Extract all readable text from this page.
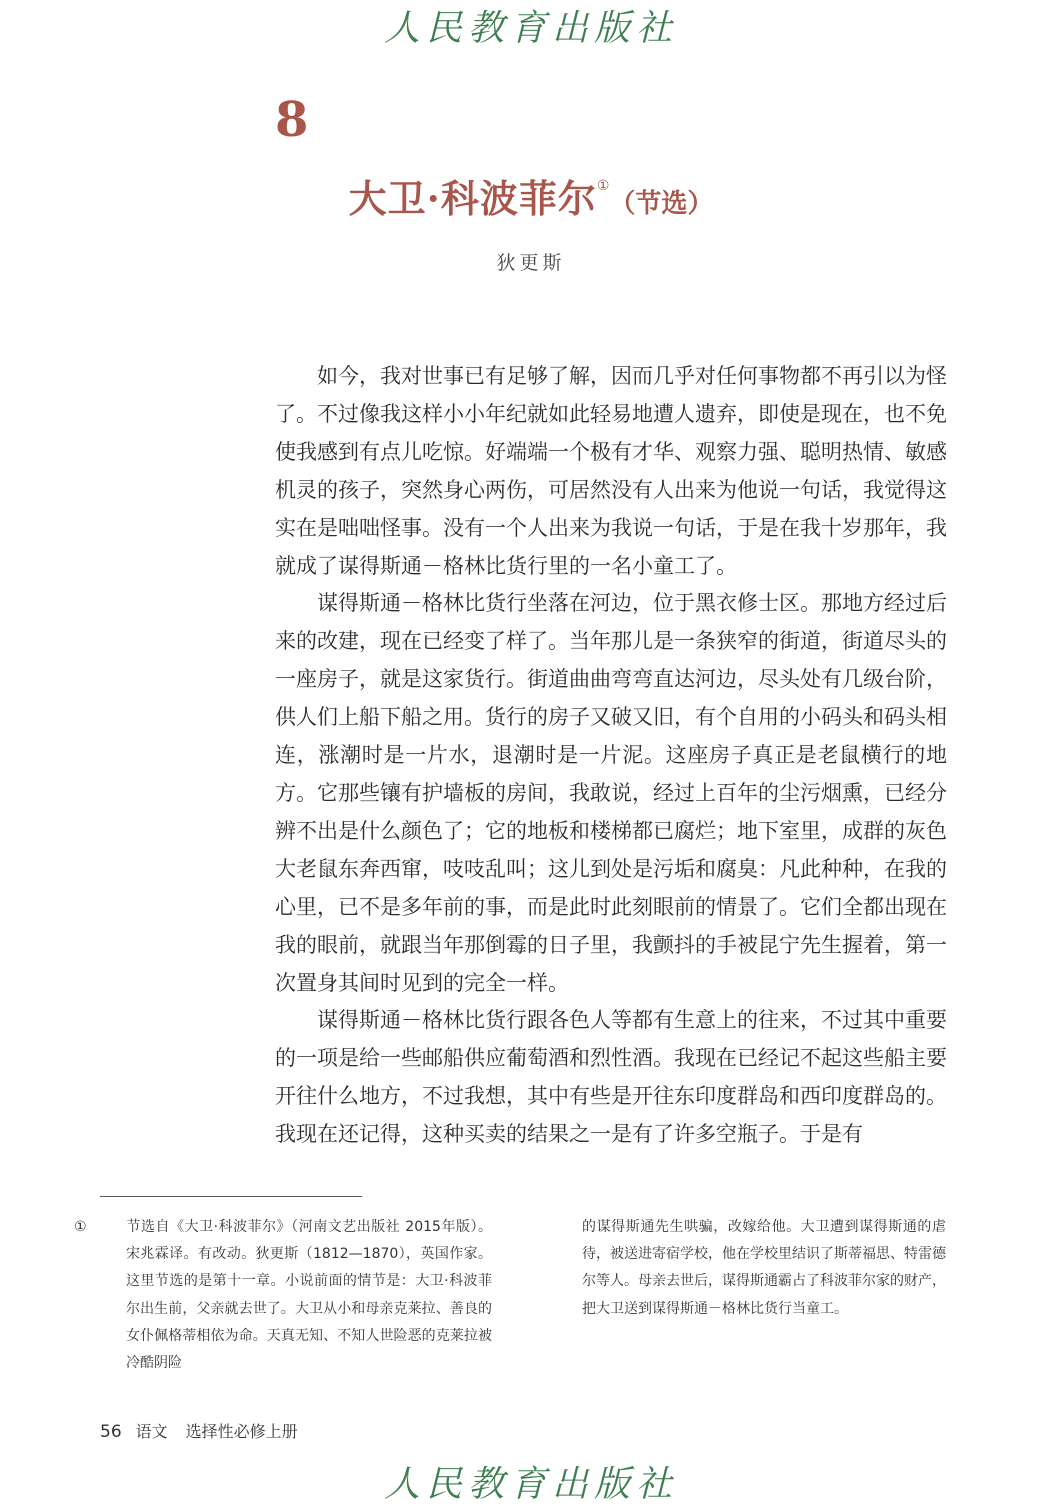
人民教育出版社
8
大卫·科波菲尔①（节选）
狄更斯

如今，我对世事已有足够了解，因而几乎对任何事物都不再引以为怪了。不过像我这样小小年纪就如此轻易地遭人遗弃，即使是现在，也不免使我感到有点儿吃惊。好端端一个极有才华、观察力强、聪明热情、敏感机灵的孩子，突然身心两伤，可居然没有人出来为他说一句话，我觉得这实在是咄咄怪事。没有一个人出来为我说一句话，于是在我十岁那年，我就成了谋得斯通－格林比货行里的一名小童工了。

谋得斯通－格林比货行坐落在河边，位于黑衣修士区。那地方经过后来的改建，现在已经变了样了。当年那儿是一条狭窄的街道，街道尽头的一座房子，就是这家货行。街道曲曲弯弯直达河边，尽头处有几级台阶，供人们上船下船之用。货行的房子又破又旧，有个自用的小码头和码头相连，涨潮时是一片水，退潮时是一片泥。这座房子真正是老鼠横行的地方。它那些镶有护墙板的房间，我敢说，经过上百年的尘污烟熏，已经分辨不出是什么颜色了；它的地板和楼梯都已腐烂；地下室里，成群的灰色大老鼠东奔西窜，吱吱乱叫；这儿到处是污垢和腐臭：凡此种种，在我的心里，已不是多年前的事，而是此时此刻眼前的情景了。它们全都出现在我的眼前，就跟当年那倒霉的日子里，我颤抖的手被昆宁先生握着，第一次置身其间时见到的完全一样。

谋得斯通－格林比货行跟各色人等都有生意上的往来，不过其中重要的一项是给一些邮船供应葡萄酒和烈性酒。我现在已经记不起这些船主要开往什么地方，不过我想，其中有些是开往东印度群岛和西印度群岛的。我现在还记得，这种买卖的结果之一是有了许多空瓶子。于是有

①	节选自《大卫·科波菲尔》（河南文艺出版社 2015年版）。宋兆霖译。有改动。狄更斯（1812—1870），英国作家。这里节选的是第十一章。小说前面的情节是：大卫·科波菲尔出生前，父亲就去世了。大卫从小和母亲克莱拉、善良的女仆佩格蒂相依为命。天真无知、不知人世险恶的克莱拉被冷酷阴险
的谋得斯通先生哄骗，改嫁给他。大卫遭到谋得斯通的虐待，被送进寄宿学校，他在学校里结识了斯蒂福思、特雷德尔等人。母亲去世后，谋得斯通霸占了科波菲尔家的财产，把大卫送到谋得斯通－格林比货行当童工。
56 语文 选择性必修上册
人民教育出版社
